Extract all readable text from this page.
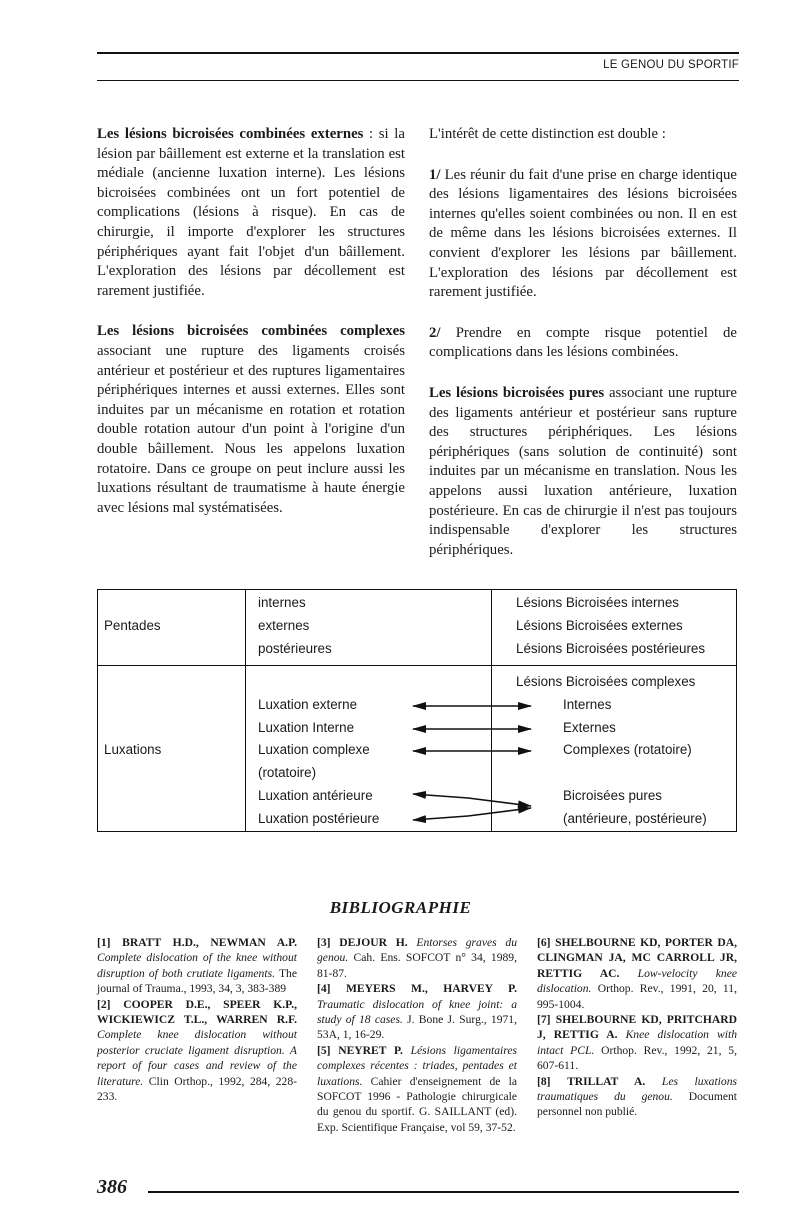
LE GENOU DU SPORTIF

Les lésions bicroisées combinées externes : si la lésion par bâillement est externe et la translation est médiale (ancienne luxation interne). Les lésions bicroisées combinées ont un fort potentiel de complications (lésions à risque). En cas de chirurgie, il importe d'explorer les structures périphériques ayant fait l'objet d'un bâillement. L'exploration des lésions par décollement est rarement justifiée.

Les lésions bicroisées combinées complexes associant une rupture des ligaments croisés antérieur et postérieur et des ruptures ligamentaires périphériques internes et aussi externes. Elles sont induites par un mécanisme en rotation et rotation double rotation autour d'un point à l'origine d'un double bâillement. Nous les appelons luxation rotatoire. Dans ce groupe on peut inclure aussi les luxations résultant de traumatisme à haute énergie avec lésions mal systématisées.

L'intérêt de cette distinction est double :

1/ Les réunir du fait d'une prise en charge identique des lésions ligamentaires des lésions bicroisées internes qu'elles soient combinées ou non. Il en est de même dans les lésions bicroisées externes. Il convient d'explorer les lésions par bâillement. L'exploration des lésions par décollement est rarement justifiée.

2/ Prendre en compte risque potentiel de complications dans les lésions combinées.

Les lésions bicroisées pures associant une rupture des ligaments antérieur et postérieur sans rupture des structures périphériques. Les lésions périphériques (sans solution de continuité) sont induites par un mécanisme en translation. Nous les appelons aussi luxation antérieure, luxation postérieure. En cas de chirurgie il n'est pas toujours indispensable d'explorer les structures périphériques.

Pentades
internes
externes
postérieures
Lésions Bicroisées internes
Lésions Bicroisées externes
Lésions Bicroisées postérieures
Luxations
Luxation externe
Luxation Interne
Luxation complexe
(rotatoire)
Luxation antérieure
Luxation postérieure
Lésions Bicroisées complexes
Internes
Externes
Complexes (rotatoire)
Bicroisées pures
(antérieure, postérieure)
BIBLIOGRAPHIE

[1] BRATT H.D., NEWMAN A.P. Complete dislocation of the knee without disruption of both crutiate ligaments. The journal of Trauma., 1993, 34, 3, 383-389

[2] COOPER D.E., SPEER K.P., WICKIEWICZ T.L., WARREN R.F. Complete knee dislocation without posterior cruciate ligament disruption. A report of four cases and review of the literature. Clin Orthop., 1992, 284, 228-233.

[3] DEJOUR H. Entorses graves du genou. Cah. Ens. SOFCOT n° 34, 1989, 81-87.

[4] MEYERS M., HARVEY P. Traumatic dislocation of knee joint: a study of 18 cases. J. Bone J. Surg., 1971, 53A, 1, 16-29.

[5] NEYRET P. Lésions ligamentaires complexes récentes : triades, pentades et luxations. Cahier d'enseignement de la SOFCOT 1996 - Pathologie chirurgicale du genou du sportif. G. SAILLANT (ed). Exp. Scientifique Française, vol 59, 37-52.

[6] SHELBOURNE KD, PORTER DA, CLINGMAN JA, MC CARROLL JR, RETTIG AC. Low-velocity knee dislocation. Orthop. Rev., 1991, 20, 11, 995-1004.

[7] SHELBOURNE KD, PRITCHARD J, RETTIG A. Knee dislocation with intact PCL. Orthop. Rev., 1992, 21, 5, 607-611.

[8] TRILLAT A. Les luxations traumatiques du genou. Document personnel non publié.

386
